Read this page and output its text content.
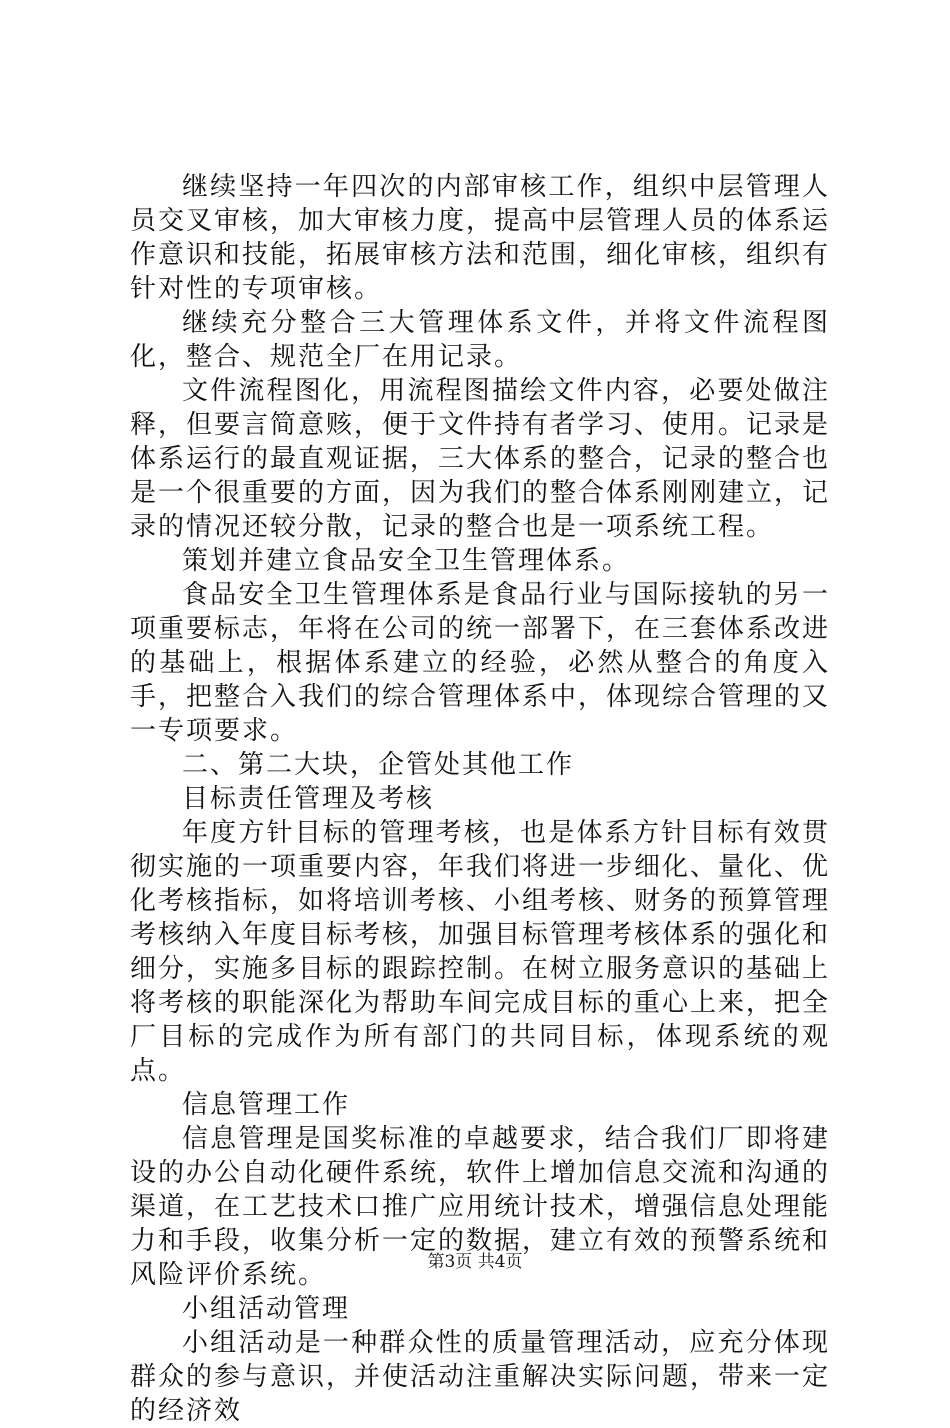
继续坚持一年四次的内部审核工作，组织中层管理人员交叉审核，加大审核力度，提高中层管理人员的体系运作意识和技能，拓展审核方法和范围，细化审核，组织有针对性的专项审核。

继续充分整合三大管理体系文件，并将文件流程图化，整合、规范全厂在用记录。

文件流程图化，用流程图描绘文件内容，必要处做注释，但要言简意赅，便于文件持有者学习、使用。记录是体系运行的最直观证据，三大体系的整合，记录的整合也是一个很重要的方面，因为我们的整合体系刚刚建立，记录的情况还较分散，记录的整合也是一项系统工程。

策划并建立食品安全卫生管理体系。

食品安全卫生管理体系是食品行业与国际接轨的另一项重要标志，年将在公司的统一部署下，在三套体系改进的基础上，根据体系建立的经验，必然从整合的角度入手，把整合入我们的综合管理体系中，体现综合管理的又一专项要求。

二、第二大块，企管处其他工作

目标责任管理及考核

年度方针目标的管理考核，也是体系方针目标有效贯彻实施的一项重要内容，年我们将进一步细化、量化、优化考核指标，如将培训考核、小组考核、财务的预算管理考核纳入年度目标考核，加强目标管理考核体系的强化和细分，实施多目标的跟踪控制。在树立服务意识的基础上将考核的职能深化为帮助车间完成目标的重心上来，把全厂目标的完成作为所有部门的共同目标，体现系统的观点。

信息管理工作

信息管理是国奖标准的卓越要求，结合我们厂即将建设的办公自动化硬件系统，软件上增加信息交流和沟通的渠道，在工艺技术口推广应用统计技术，增强信息处理能力和手段，收集分析一定的数据，建立有效的预警系统和风险评价系统。

小组活动管理

小组活动是一种群众性的质量管理活动，应充分体现群众的参与意识，并使活动注重解决实际问题，带来一定的经济效

第3页 共4页
